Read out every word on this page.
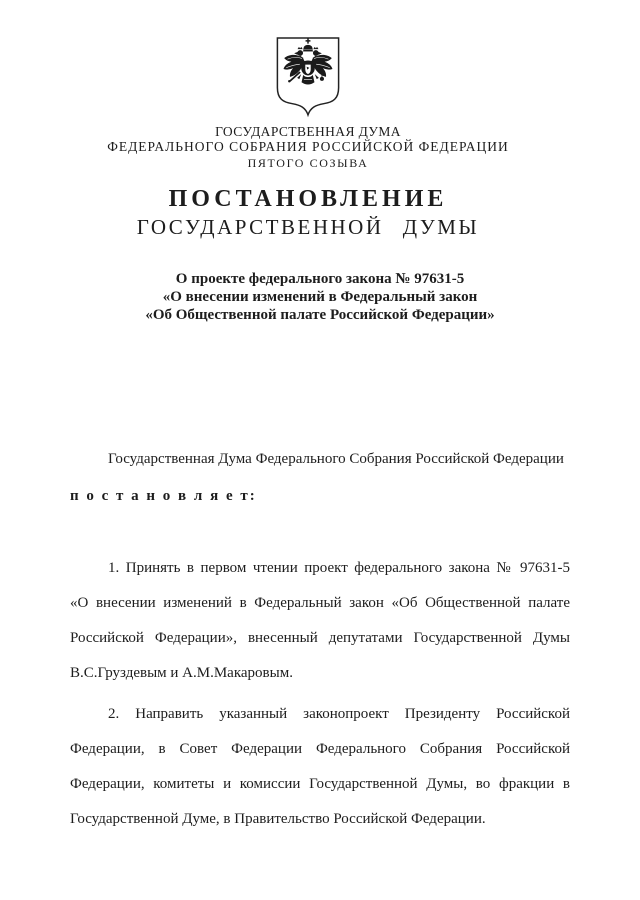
ГОСУДАРСТВЕННАЯ ДУМА
ФЕДЕРАЛЬНОГО СОБРАНИЯ РОССИЙСКОЙ ФЕДЕРАЦИИ
ПЯТОГО СОЗЫВА
ПОСТАНОВЛЕНИЕ
ГОСУДАРСТВЕННОЙ ДУМЫ
О проекте федерального закона № 97631-5
«О внесении изменений в Федеральный закон
«Об Общественной палате Российской Федерации»
Государственная Дума Федерального Собрания Российской Федерации
п о с т а н о в л я е т:
1. Принять в первом чтении проект федерального закона № 97631-5
«О внесении изменений в Федеральный закон «Об Общественной палате
Российской Федерации», внесенный депутатами Государственной Думы
В.С.Груздевым и А.М.Макаровым.
2. Направить указанный законопроект Президенту Российской
Федерации, в Совет Федерации Федерального Собрания Российской
Федерации, комитеты и комиссии Государственной Думы, во фракции в
Государственной Думе, в Правительство Российской Федерации.
